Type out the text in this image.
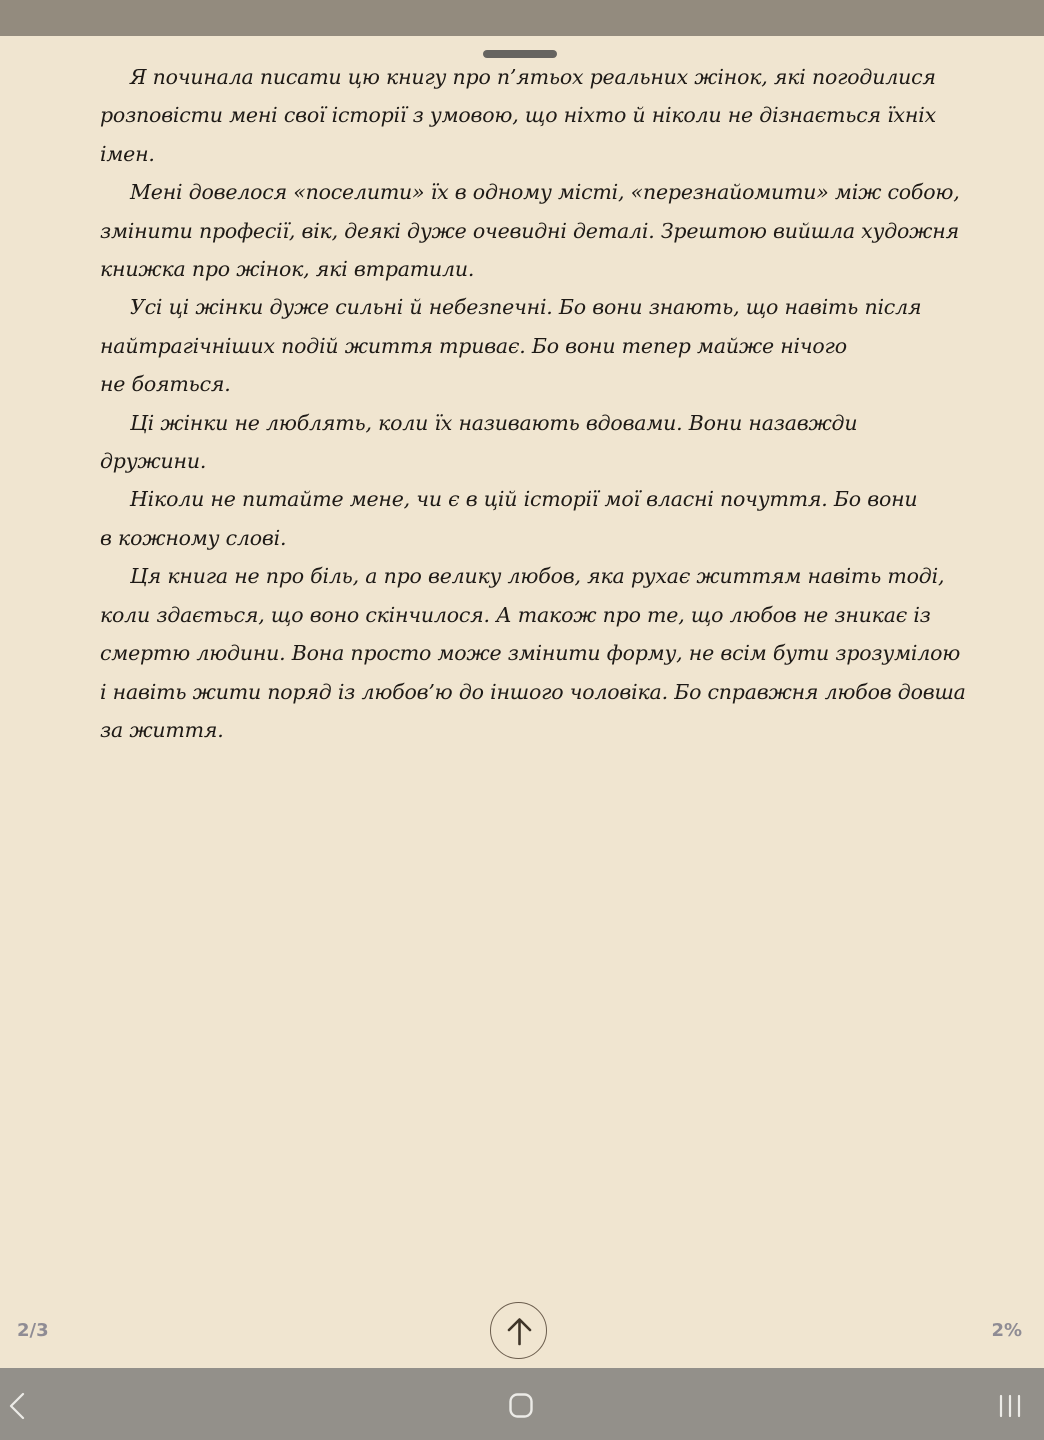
Я починала писати цю книгу про п’ятьох реальних жінок, які погодилися
розповісти мені свої історії з умовою, що ніхто й ніколи не дізнається їхніх
імен.

Мені довелося «поселити» їх в одному місті, «перезнайомити» між собою,
змінити професії, вік, деякі дуже очевидні деталі. Зрештою вийшла художня
книжка про жінок, які втратили.

Усі ці жінки дуже сильні й небезпечні. Бо вони знають, що навіть після
найтрагічніших подій життя триває. Бо вони тепер майже нічого
не бояться.

Ці жінки не люблять, коли їх називають вдовами. Вони назавжди
дружини.

Ніколи не питайте мене, чи є в цій історії мої власні почуття. Бо вони
в кожному слові.

Ця книга не про біль, а про велику любов, яка рухає життям навіть тоді,
коли здається, що воно скінчилося. А також про те, що любов не зникає із
смертю людини. Вона просто може змінити форму, не всім бути зрозумілою
і навіть жити поряд із любов’ю до іншого чоловіка. Бо справжня любов довша
за життя.

2/3	2%
